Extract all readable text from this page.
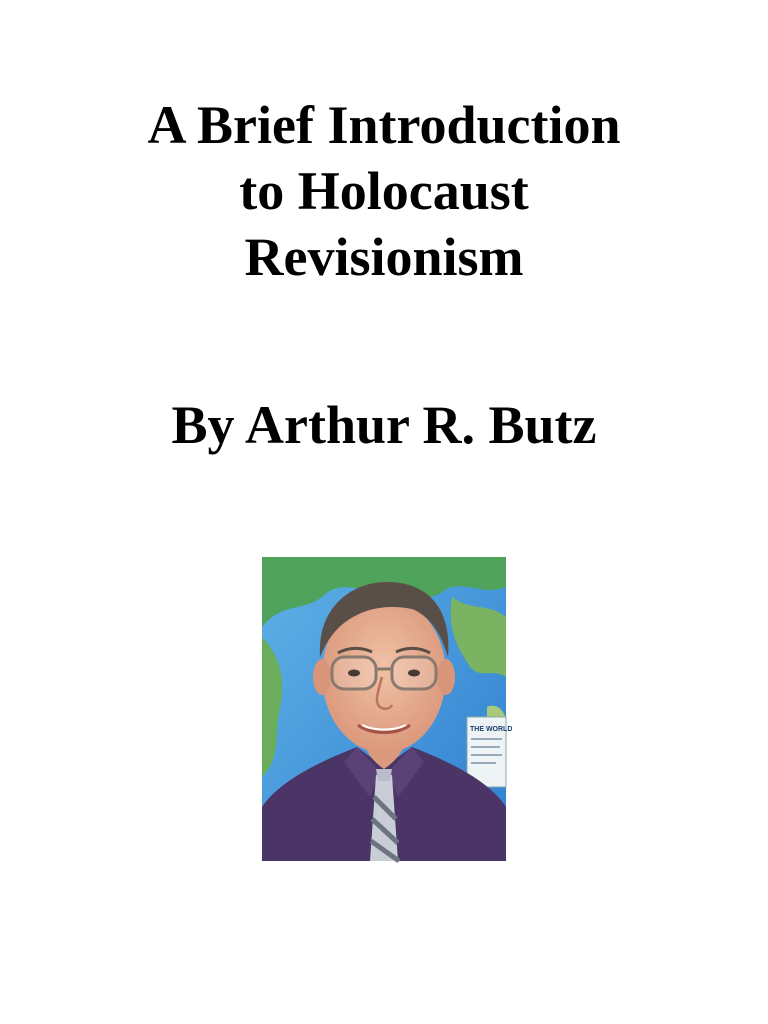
A Brief Introduction
to Holocaust
Revisionism
By Arthur R. Butz
THE WORLD
